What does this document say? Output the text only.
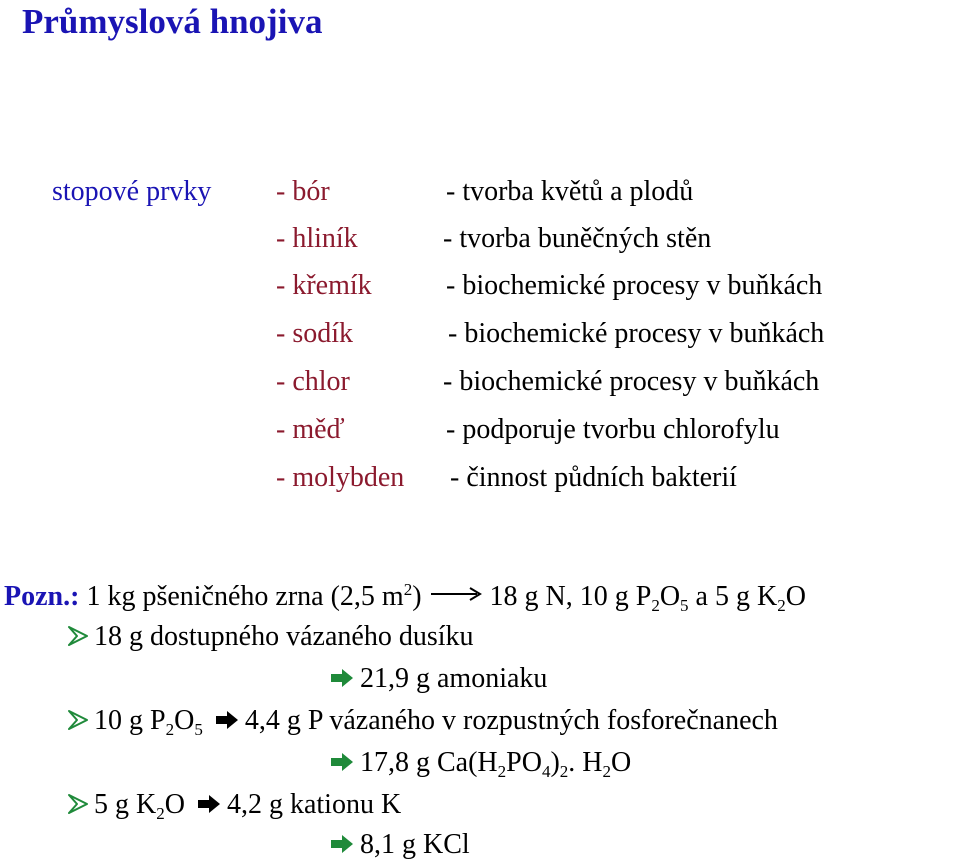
Průmyslová hnojiva
stopové prvky - bór	- tvorba květů a plodů
- hliník	- tvorba buněčných stěn
- křemík	- biochemické procesy v buňkách
- sodík	- biochemické procesy v buňkách
- chlor	- biochemické procesy v buňkách
- měď	- podporuje tvorbu chlorofylu
- molybden - činnost půdních bakterií
Pozn.: 1 kg pšeničného zrna (2,5 $m^2$) 18 g N, 10 g $P_2O_5$ a 5 g $K_2O$
18 g dostupného vázaného dusíku
21,9 g amoniaku
10 g $P_2O_5$ 4,4 g P vázaného v rozpustných fosforečnanech
17,8 g $Ca(H_2PO_4)_2$. $H_2O$
5 g $K_2O$ 4,2 g kationu K
8,1 g KCl
